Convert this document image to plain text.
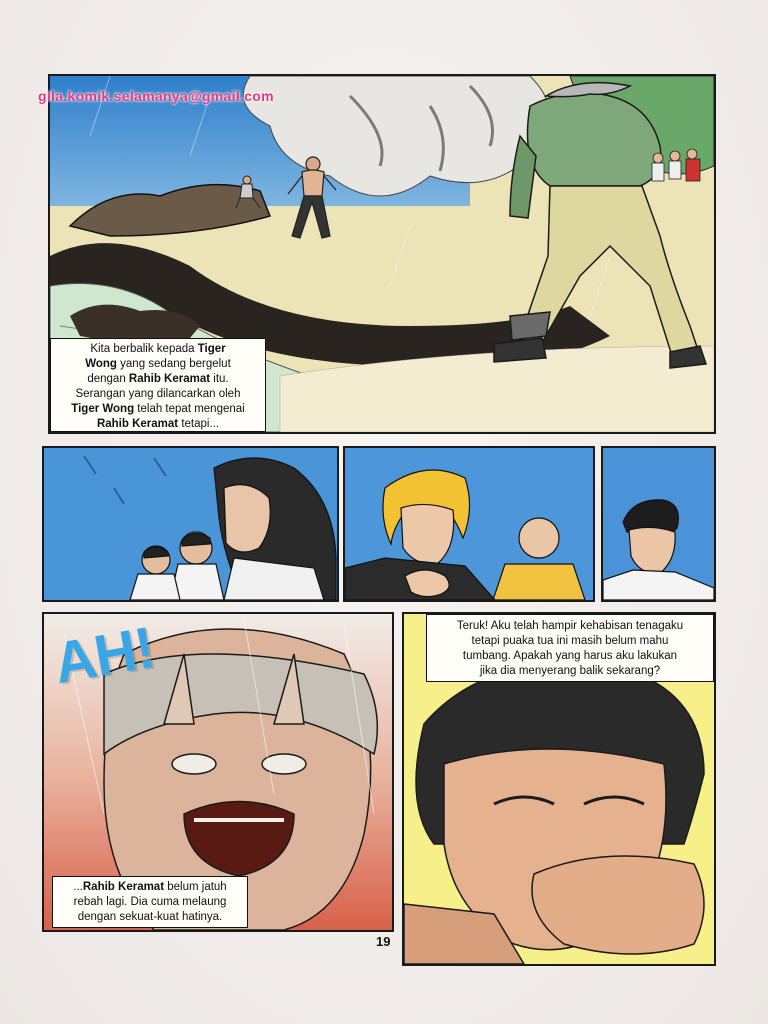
Kita berbalik kepada Tiger
Wong yang sedang bergelut
dengan Rahib Keramat itu.
Serangan yang dilancarkan oleh
Tiger Wong telah tepat mengenai
Rahib Keramat tetapi...
gila.komik.selamanya@gmail.com
AH!
...Rahib Keramat belum jatuh
rebah lagi. Dia cuma melaung
dengan sekuat-kuat hatinya.
Teruk! Aku telah hampir kehabisan tenagaku
tetapi puaka tua ini masih belum mahu
tumbang. Apakah yang harus aku lakukan
jika dia menyerang balik sekarang?
19
